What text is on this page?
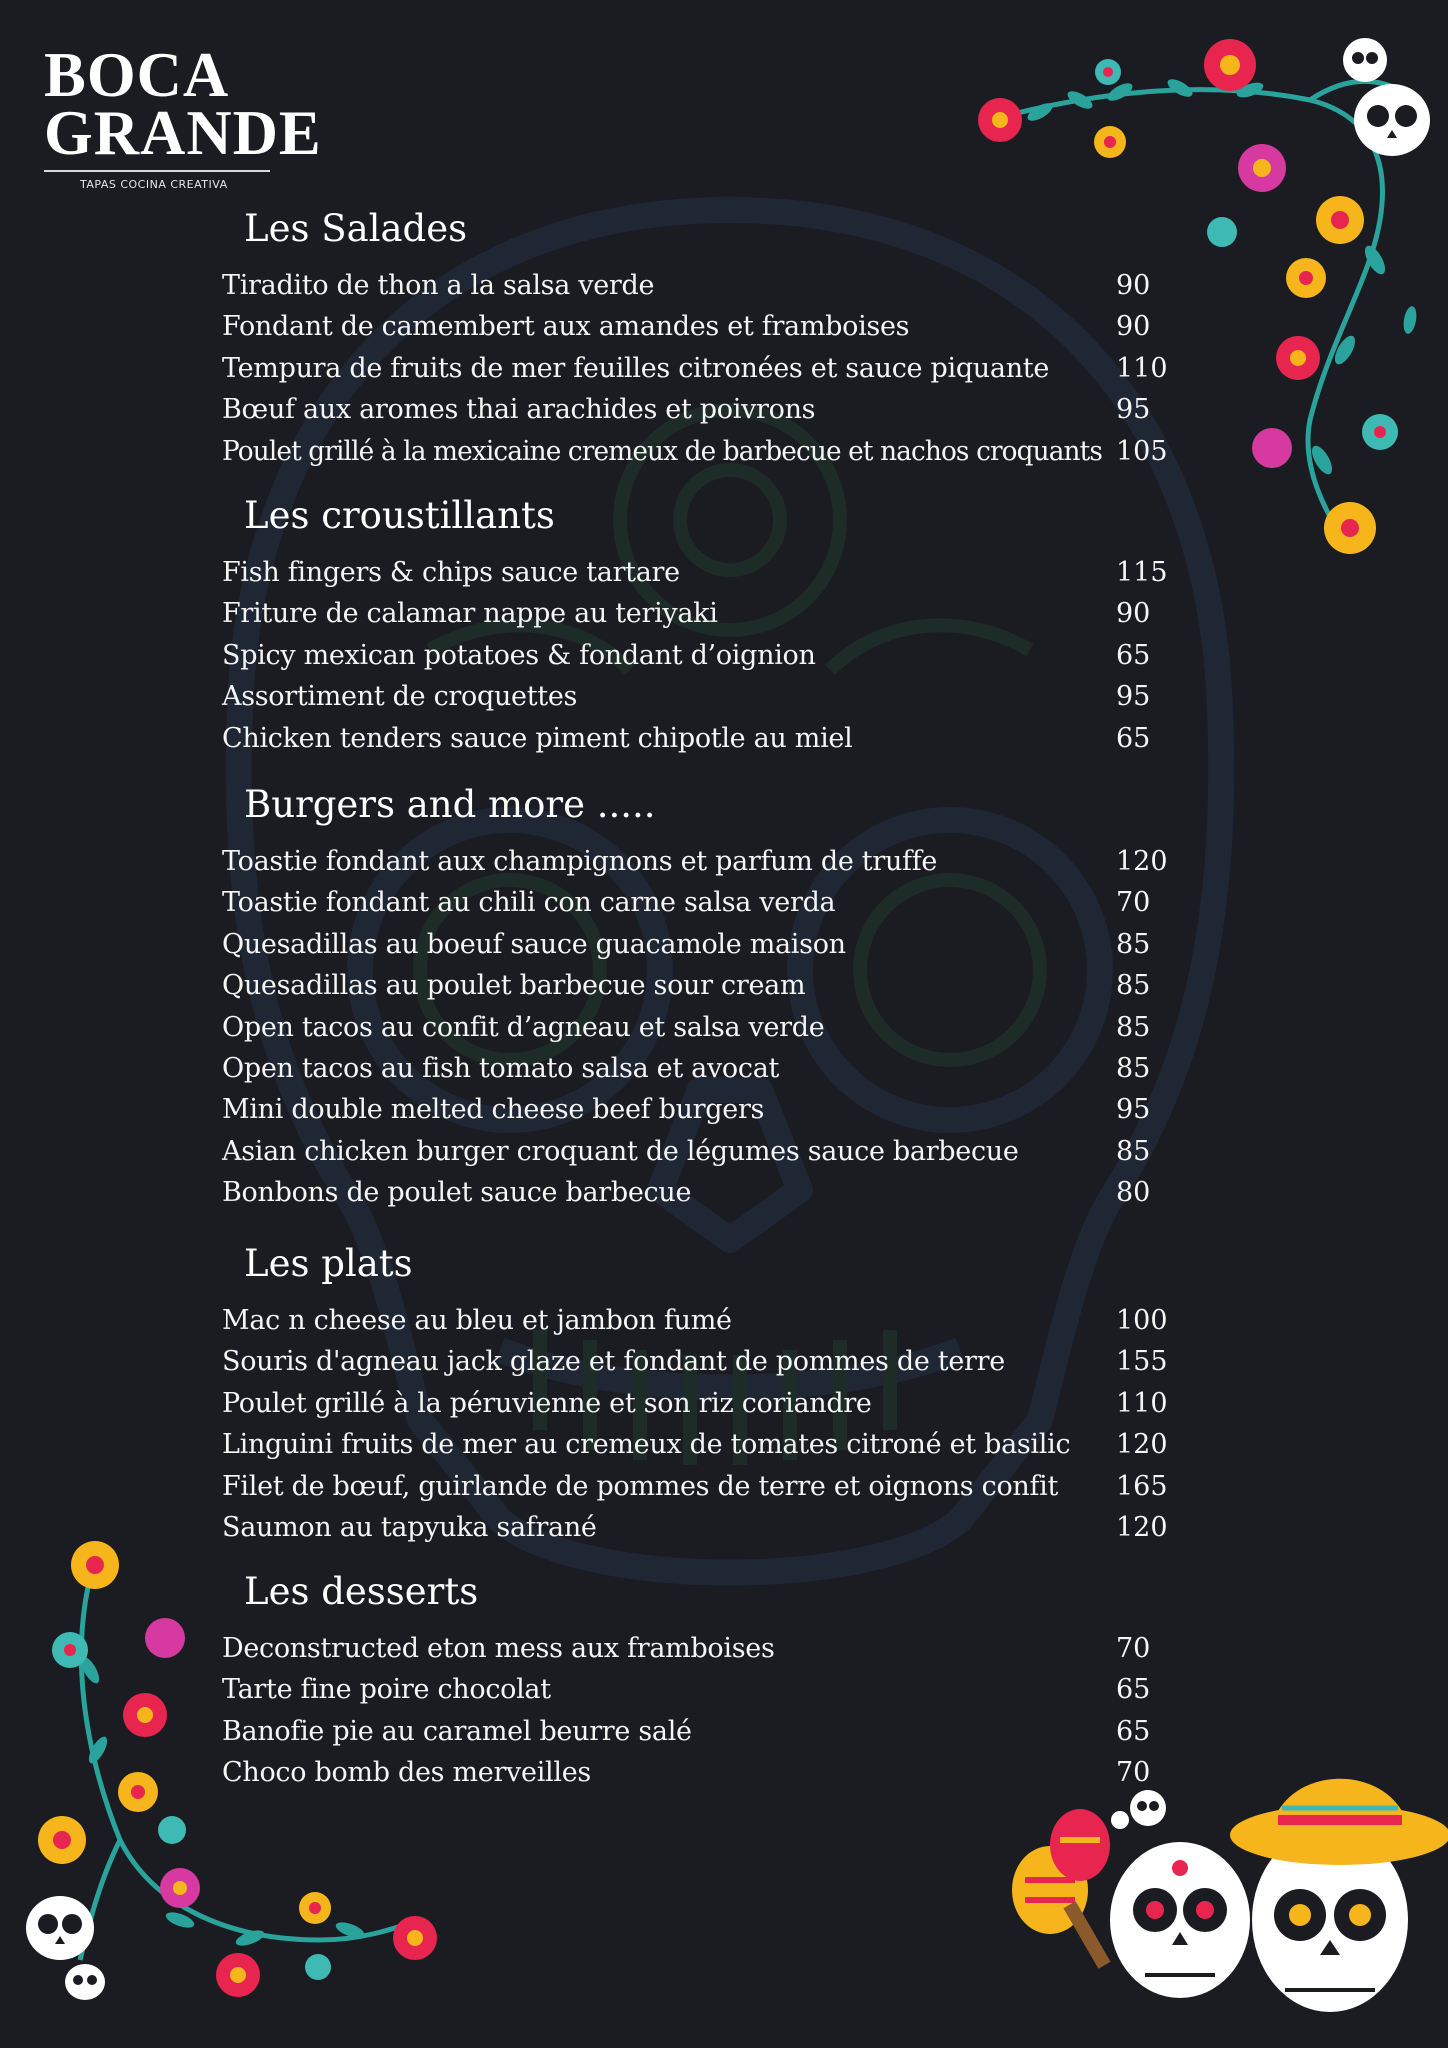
BOCA
GRANDE
TAPAS COCINA CREATIVA
Les Salades
Tiradito de thon a la salsa verde	90
Fondant de camembert aux amandes et framboises	90
Tempura de fruits de mer feuilles citronées et sauce piquante 110
Bœuf aux aromes thai arachides et poivrons	95
Poulet grillé à la mexicaine cremeux de barbecue et nachos croquants 105
Les croustillants
Fish fingers & chips sauce tartare	115
Friture de calamar nappe au teriyaki	90
Spicy mexican potatoes & fondant d’oignion	65
Assortiment de croquettes	95
Chicken tenders sauce piment chipotle au miel	65
Burgers and more .....
Toastie fondant aux champignons et parfum de truffe	120
Toastie fondant au chili con carne salsa verda	70
Quesadillas au boeuf sauce guacamole maison	85
Quesadillas au poulet barbecue sour cream	85
Open tacos au confit d’agneau et salsa verde	85
Open tacos au fish tomato salsa et avocat	85
Mini double melted cheese beef burgers	95
Asian chicken burger croquant de légumes sauce barbecue	85
Bonbons de poulet sauce barbecue	80
Les plats
Mac n cheese au bleu et jambon fumé	100
Souris d'agneau jack glaze et fondant de pommes de terre	155
Poulet grillé à la péruvienne et son riz coriandre	110
Linguini fruits de mer au cremeux de tomates citroné et basilic 120
Filet de bœuf, guirlande de pommes de terre et oignons confit 165
Saumon au tapyuka safrané	120
Les desserts
Deconstructed eton mess aux framboises	70
Tarte fine poire chocolat	65
Banofie pie au caramel beurre salé	65
Choco bomb des merveilles	70
